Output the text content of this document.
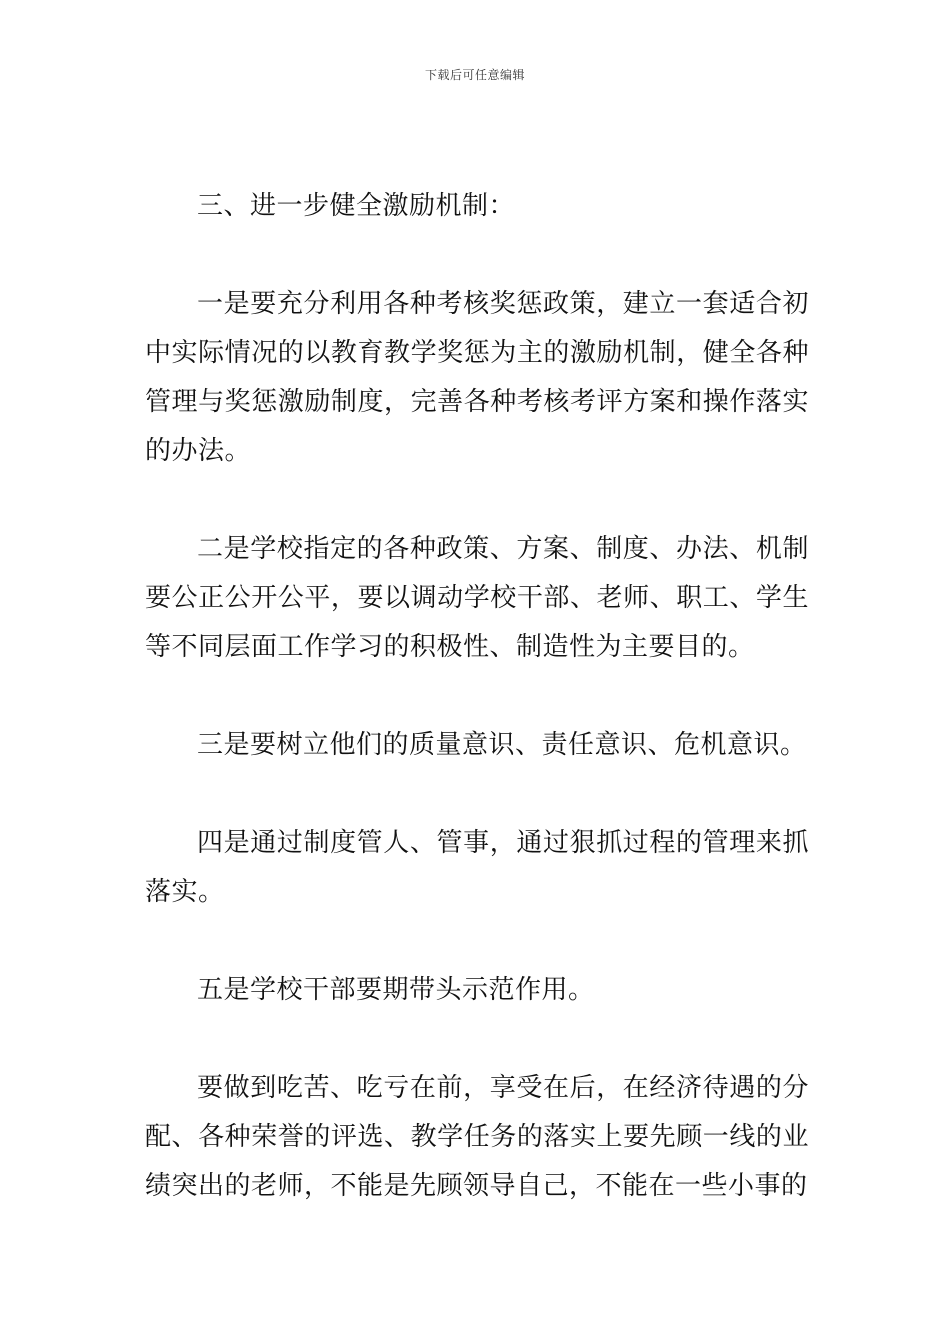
下载后可任意编辑

三、进一步健全激励机制：

一是要充分利用各种考核奖惩政策，建立一套适合初中实际情况的以教育教学奖惩为主的激励机制，健全各种管理与奖惩激励制度，完善各种考核考评方案和操作落实的办法。

二是学校指定的各种政策、方案、制度、办法、机制要公正公开公平，要以调动学校干部、老师、职工、学生等不同层面工作学习的积极性、制造性为主要目的。

三是要树立他们的质量意识、责任意识、危机意识。

四是通过制度管人、管事，通过狠抓过程的管理来抓落实。

五是学校干部要期带头示范作用。

要做到吃苦、吃亏在前，享受在后，在经济待遇的分配、各种荣誉的评选、教学任务的落实上要先顾一线的业绩突出的老师，不能是先顾领导自己，不能在一些小事的
